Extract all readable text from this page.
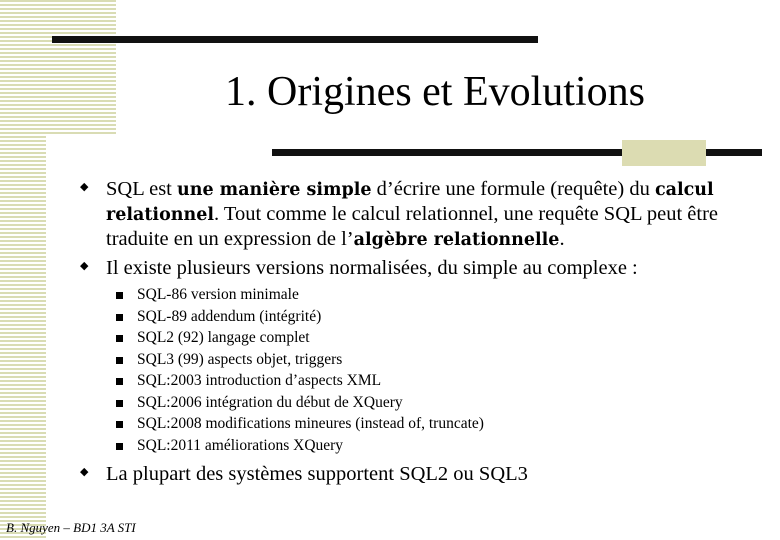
1. Origines et Evolutions
◆ SQL est une manière simple d’écrire une formule (requête) du calcul relationnel. Tout comme le calcul relationnel, une requête SQL peut être traduite en un expression de l’algèbre relationnelle.
◆ Il existe plusieurs versions normalisées, du simple au complexe :
SQL-86 version minimale
SQL-89 addendum (intégrité)
SQL2 (92) langage complet
SQL3 (99) aspects objet, triggers
SQL:2003 introduction d’aspects XML
SQL:2006 intégration du début de XQuery
SQL:2008 modifications mineures (instead of, truncate)
SQL:2011 améliorations XQuery
◆ La plupart des systèmes supportent SQL2 ou SQL3
B. Nguyen – BD1 3A STI
